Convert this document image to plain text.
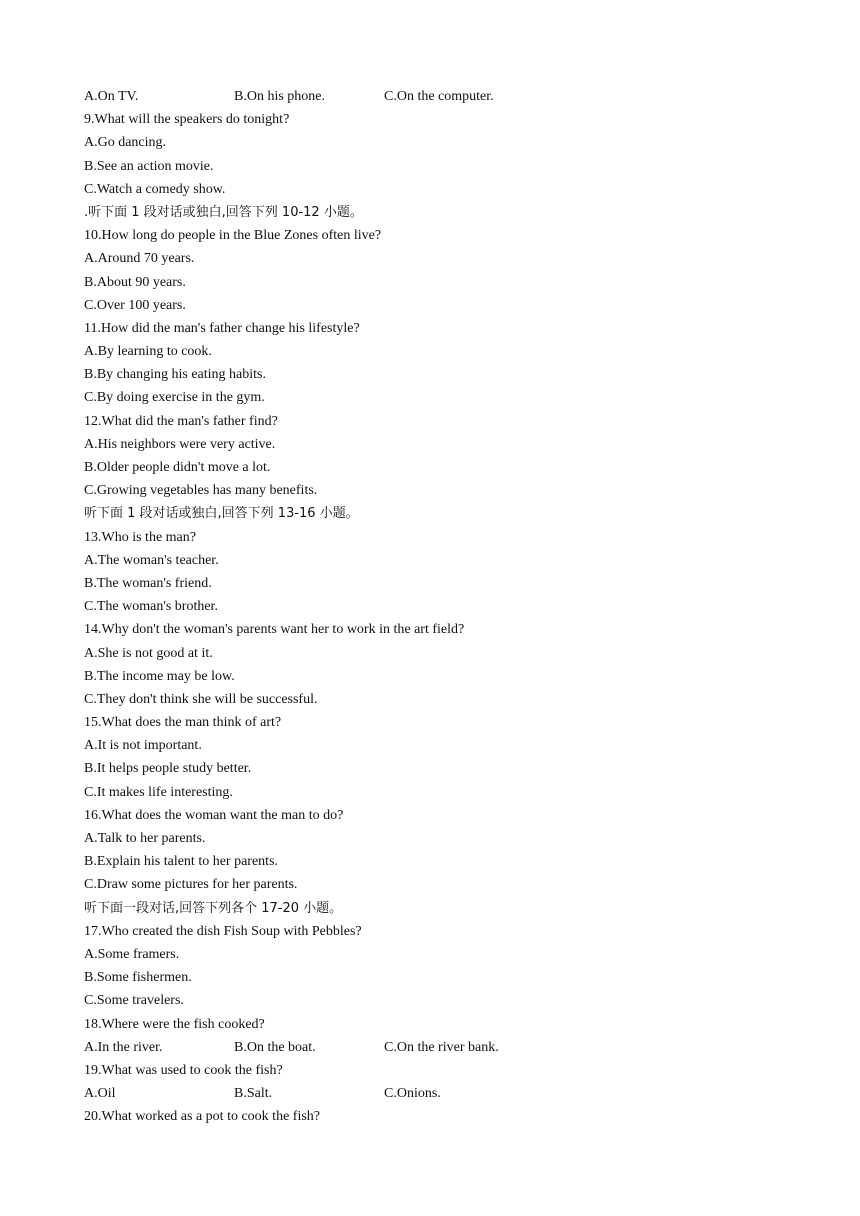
A.On TV.	B.On his phone.	C.On the computer.
9.What will the speakers do tonight?
A.Go dancing.
B.See an action movie.
C.Watch a comedy show.
.听下面 1 段对话或独白,回答下列 10-12 小题。
10.How long do people in the Blue Zones often live?
A.Around 70 years.
B.About 90 years.
C.Over 100 years.
11.How did the man's father change his lifestyle?
A.By learning to cook.
B.By changing his eating habits.
C.By doing exercise in the gym.
12.What did the man's father find?
A.His neighbors were very active.
B.Older people didn't move a lot.
C.Growing vegetables has many benefits.
听下面 1 段对话或独白,回答下列 13-16 小题。
13.Who is the man?
A.The woman's teacher.
B.The woman's friend.
C.The woman's brother.
14.Why don't the woman's parents want her to work in the art field?
A.She is not good at it.
B.The income may be low.
C.They don't think she will be successful.
15.What does the man think of art?
A.It is not important.
B.It helps people study better.
C.It makes life interesting.
16.What does the woman want the man to do?
A.Talk to her parents.
B.Explain his talent to her parents.
C.Draw some pictures for her parents.
听下面一段对话,回答下列各个 17-20 小题。
17.Who created the dish Fish Soup with Pebbles?
A.Some framers.
B.Some fishermen.
C.Some travelers.
18.Where were the fish cooked?
A.In the river.	B.On the boat.	C.On the river bank.
19.What was used to cook the fish?
A.Oil	B.Salt.	C.Onions.
20.What worked as a pot to cook the fish?
